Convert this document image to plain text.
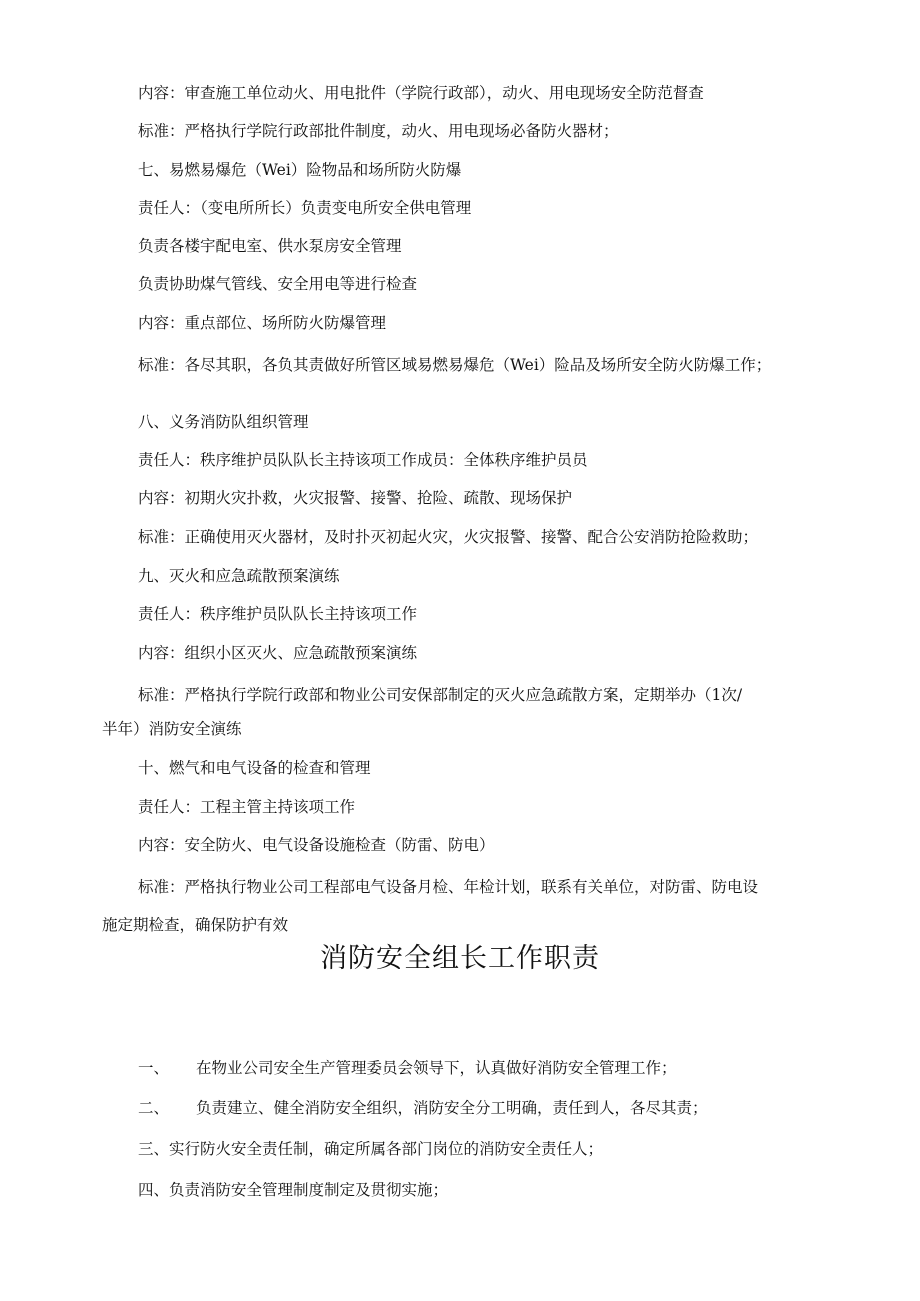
内容：审查施工单位动火、用电批件（学院行政部），动火、用电现场安全防范督查
标准：严格执行学院行政部批件制度，动火、用电现场必备防火器材；
七、易燃易爆危（Wei）险物品和场所防火防爆
责任人：（变电所所长）负责变电所安全供电管理
负责各楼宇配电室、供水泵房安全管理
负责协助煤气管线、安全用电等进行检查
内容：重点部位、场所防火防爆管理
标准：各尽其职，各负其责做好所管区域易燃易爆危（Wei）险品及场所安全防火防爆工作；
八、义务消防队组织管理
责任人：秩序维护员队队长主持该项工作成员：全体秩序维护员员
内容：初期火灾扑救，火灾报警、接警、抢险、疏散、现场保护
标准：正确使用灭火器材，及时扑灭初起火灾，火灾报警、接警、配合公安消防抢险救助；
九、灭火和应急疏散预案演练
责任人：秩序维护员队队长主持该项工作
内容：组织小区灭火、应急疏散预案演练
标准：严格执行学院行政部和物业公司安保部制定的灭火应急疏散方案，定期举办（1次/
半年）消防安全演练
十、燃气和电气设备的检查和管理
责任人：工程主管主持该项工作
内容：安全防火、电气设备设施检查（防雷、防电）
标准：严格执行物业公司工程部电气设备月检、年检计划，联系有关单位，对防雷、防电设
施定期检查，确保防护有效
消防安全组长工作职责
一、 在物业公司安全生产管理委员会领导下，认真做好消防安全管理工作；
二、 负责建立、健全消防安全组织，消防安全分工明确，责任到人，各尽其责；
三、实行防火安全责任制，确定所属各部门岗位的消防安全责任人；
四、负责消防安全管理制度制定及贯彻实施；
